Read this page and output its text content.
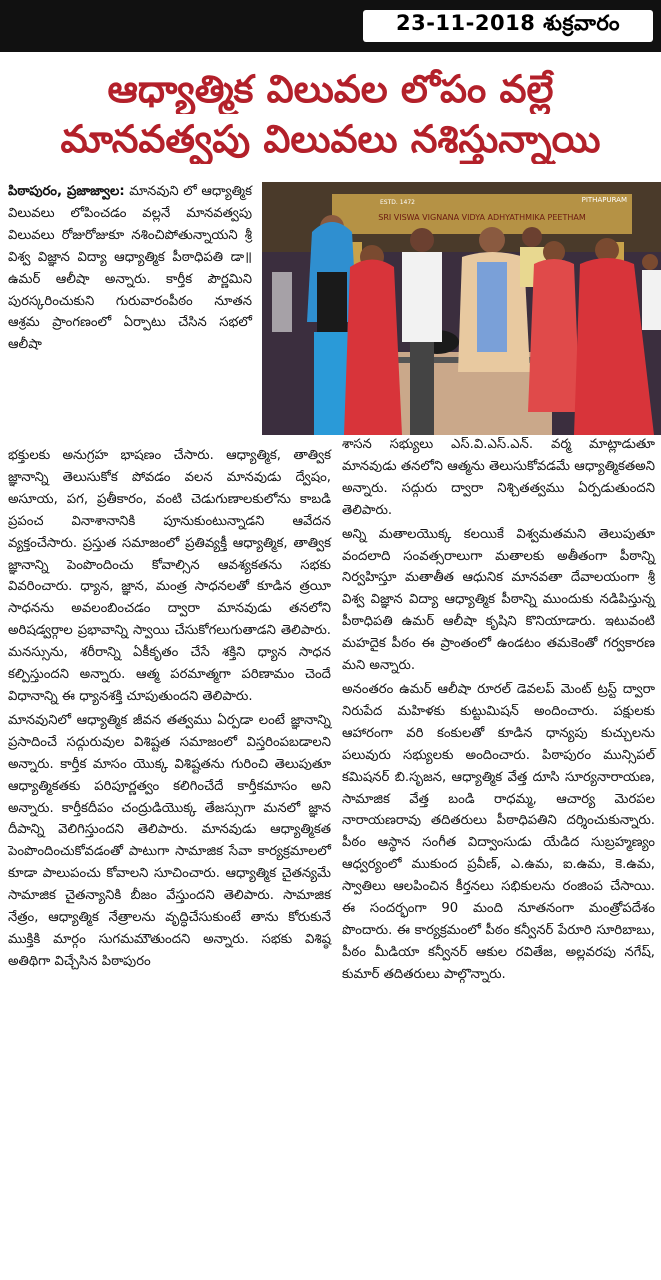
23-11-2018 శుక్రవారం
ఆధ్యాత్మిక విలువల లోపం వల్లే
మానవత్వపు విలువలు నశిస్తున్నాయి

పిఠాపురం, ప్రజాజ్వాల: మానవుని లో ఆధ్యాత్మిక విలువలు లోపించడం వల్లనే మానవత్వపు విలువలు రోజురోజుకూ నశించిపోతున్నాయని శ్రీ విశ్వ విజ్ఞాన విద్యా ఆధ్యాత్మిక పీఠాధిపతి డా॥ ఉమర్ ఆలీషా అన్నారు. కార్తీక పౌర్ణమిని పురస్కరించుకుని గురువారంపీఠం నూతన ఆశ్రమ ప్రాంగణంలో ఏర్పాటు చేసిన సభలో ఆలీషా

భక్తులకు అనుగ్రహ భాషణం చేసారు. ఆధ్యాత్మిక, తాత్విక జ్ఞానాన్ని తెలుసుకోక పోవడం వలన మానవుడు ద్వేషం, అసూయ, పగ, ప్రతీకారం, వంటి చెడుగుణాలకులోను కాబడి ప్రపంచ వినాశానానికి పూనుకుంటున్నాడని ఆవేదన వ్యక్తంచేసారు. ప్రస్తుత సమాజంలో ప్రతివ్యక్తీ ఆధ్యాత్మిక, తాత్విక జ్ఞానాన్ని పెంపొందించు కోవాల్సిన ఆవశ్యకతను సభకు వివరించారు. ధ్యాన, జ్ఞాన, మంత్ర సాధనలతో కూడిన త్రయీ సాధనను అవలంబించడం ద్వారా మానవుడు తనలోని అరిషడ్వర్గాల ప్రభావాన్ని స్వాయి చేసుకోగలుగుతాడని తెలిపారు. మనస్సును, శరీరాన్ని ఏకీకృతం చేసే శక్తిని ధ్యాన సాధన కల్పిస్తుందని అన్నారు. ఆత్మ పరమాత్మగా పరిణామం చెందే విధానాన్ని ఈ ధ్యానశక్తి చూపుతుందని తెలిపారు.

మానవునిలో ఆధ్యాత్మిక జీవన తత్వము ఏర్పడా లంటే జ్ఞానాన్ని ప్రసాదించే సద్గురువుల విశిష్టత సమాజంలో విస్తరింపబడాలని అన్నారు. కార్తీక మాసం యొక్క విశిష్టతను గురించి తెలుపుతూ ఆధ్యాత్మికతకు పరిపూర్ణత్వం కలిగించేదే కార్తీకమాసం అని అన్నారు. కార్తీకదీపం చంద్రుడియొక్క తేజస్సుగా మనలో జ్ఞాన దీపాన్ని వెలిగిస్తుందని తెలిపారు. మానవుడు ఆధ్యాత్మికత పెంపొందించుకోవడంతో పాటుగా సామాజిక సేవా కార్యక్రమాలలో కూడా పాలుపంచు కోవాలని సూచించారు. ఆధ్యాత్మిక చైతన్యమే సామాజిక చైతన్యానికి బీజం వేస్తుందని తెలిపారు. సామాజిక నేత్రం, ఆధ్యాత్మిక నేత్రాలను వృద్ధిచేసుకుంటే తాను కోరుకునే ముక్తికి మార్గం సుగమమౌతుందని అన్నారు. సభకు విశిష్ఠ అతిథిగా విచ్చేసిన పిఠాపురం

SRI VISWA VIGNANA VIDYA ADHYATHMIKA PEETHAM
PITHAPURAM
ESTD. 1472

శాసన సభ్యులు ఎస్.వి.ఎస్.ఎన్. వర్మ మాట్లాడుతూ మానవుడు తనలోని ఆత్మను తెలుసుకోవడమే ఆధ్యాత్మికతఅని అన్నారు. సద్గురు ద్వారా నిశ్చితత్వము ఏర్పడుతుందని తెలిపారు.

అన్ని మతాలయొక్క కలయికే విశ్వమతమని తెలుపుతూ వందలాది సంవత్సరాలుగా మతాలకు అతీతంగా పీఠాన్ని నిర్వహిస్తూ మతాతీత ఆధునిక మానవతా దేవాలయంగా శ్రీ విశ్వ విజ్ఞాన విద్యా ఆధ్యాత్మిక పీఠాన్ని ముందుకు నడిపిస్తున్న పీఠాధిపతి ఉమర్ ఆలీషా కృషిని కొనియాడారు. ఇటువంటి మహదైక పీఠం ఈ ప్రాంతంలో ఉండటం తమకెంతో గర్వకారణ మని అన్నారు.

అనంతరం ఉమర్ ఆలీషా రూరల్ డెవలప్ మెంట్ ట్రస్ట్ ద్వారా నిరుపేద మహిళకు కుట్టుమిషన్ అందించారు. పక్షులకు ఆహారంగా వరి కంకులతో కూడిన ధాన్యపు కుచ్చులను పలువురు సభ్యులకు అందించారు. పిఠాపురం మున్సిపల్ కమిషనర్ బి.సృజన, ఆధ్యాత్మిక వేత్త దూసి సూర్యనారాయణ, సామాజిక వేత్త బండి రాధమ్మ, ఆచార్య మెరపల నారాయణరావు తదితరులు పీఠాధిపతిని దర్శించుకున్నారు. పీఠం ఆస్థాన సంగీత విద్వాంసుడు యేడిద సుబ్రహ్మణ్యం ఆధ్వర్యంలో ముకుంద ప్రవీణ్, ఎ.ఉమ, ఐ.ఉమ, కె.ఉమ, స్వాతిలు ఆలపించిన కీర్తనలు సభికులను రంజింప చేసాయి. ఈ సందర్భంగా 90 మంది నూతనంగా మంత్రోపదేశం పొందారు. ఈ కార్యక్రమంలో పీఠం కన్వీనర్ పేరూరి సూరిబాబు, పీఠం మీడియా కన్వీనర్ ఆకుల రవితేజ, అల్లవరపు నగేష్, కుమార్ తదితరులు పాల్గొన్నారు.
